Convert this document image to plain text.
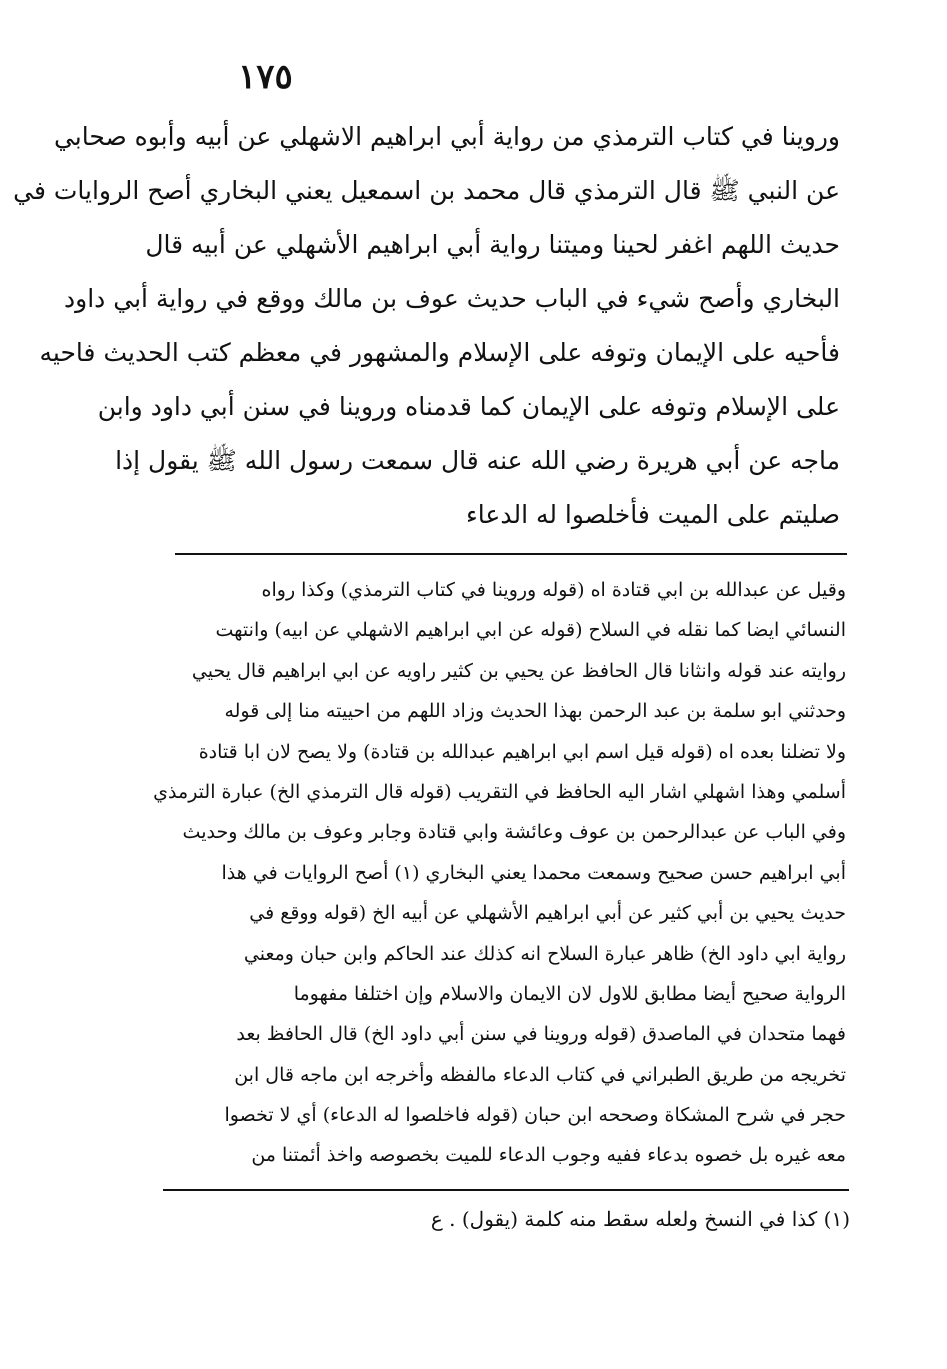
١٧٥
وروينا في كتاب الترمذي من رواية أبي ابراهيم الاشهلي عن أبيه وأبوه صحابي
عن النبي ﷺ قال الترمذي قال محمد بن اسمعيل يعني البخاري أصح الروايات في
حديث اللهم اغفر لحينا وميتنا رواية أبي ابراهيم الأشهلي عن أبيه قال
البخاري وأصح شيء في الباب حديث عوف بن مالك ووقع في رواية أبي داود
فأحيه على الإيمان وتوفه على الإسلام والمشهور في معظم كتب الحديث فاحيه
على الإسلام وتوفه على الإيمان كما قدمناه وروينا في سنن أبي داود وابن
ماجه عن أبي هريرة رضي الله عنه قال سمعت رسول الله ﷺ يقول إذا
صليتم على الميت فأخلصوا له الدعاء
وقيل عن عبدالله بن ابي قتادة اه (قوله وروينا في كتاب الترمذي) وكذا رواه
النسائي ايضا كما نقله في السلاح (قوله عن ابي ابراهيم الاشهلي عن ابيه) وانتهت
روايته عند قوله وانثانا قال الحافظ عن يحيي بن كثير راويه عن ابي ابراهيم قال يحيي
وحدثني ابو سلمة بن عبد الرحمن بهذا الحديث وزاد اللهم من احييته منا إلى قوله
ولا تضلنا بعده اه (قوله قيل اسم ابي ابراهيم عبدالله بن قتادة) ولا يصح لان ابا قتادة
أسلمي وهذا اشهلي اشار اليه الحافظ في التقريب (قوله قال الترمذي الخ) عبارة الترمذي
وفي الباب عن عبدالرحمن بن عوف وعائشة وابي قتادة وجابر وعوف بن مالك وحديث
أبي ابراهيم حسن صحيح وسمعت محمدا يعني البخاري (١) أصح الروايات في هذا
حديث يحيي بن أبي كثير عن أبي ابراهيم الأشهلي عن أبيه الخ (قوله ووقع في
رواية ابي داود الخ) ظاهر عبارة السلاح انه كذلك عند الحاكم وابن حبان ومعني
الرواية صحيح أيضا مطابق للاول لان الايمان والاسلام وإن اختلفا مفهوما
فهما متحدان في الماصدق (قوله وروينا في سنن أبي داود الخ) قال الحافظ بعد
تخريجه من طريق الطبراني في كتاب الدعاء مالفظه وأخرجه ابن ماجه قال ابن
حجر في شرح المشكاة وصححه ابن حبان (قوله فاخلصوا له الدعاء) أي لا تخصوا
معه غيره بل خصوه بدعاء ففيه وجوب الدعاء للميت بخصوصه واخذ أئمتنا من
(١) كذا في النسخ ولعله سقط منه كلمة (يقول) . ع
